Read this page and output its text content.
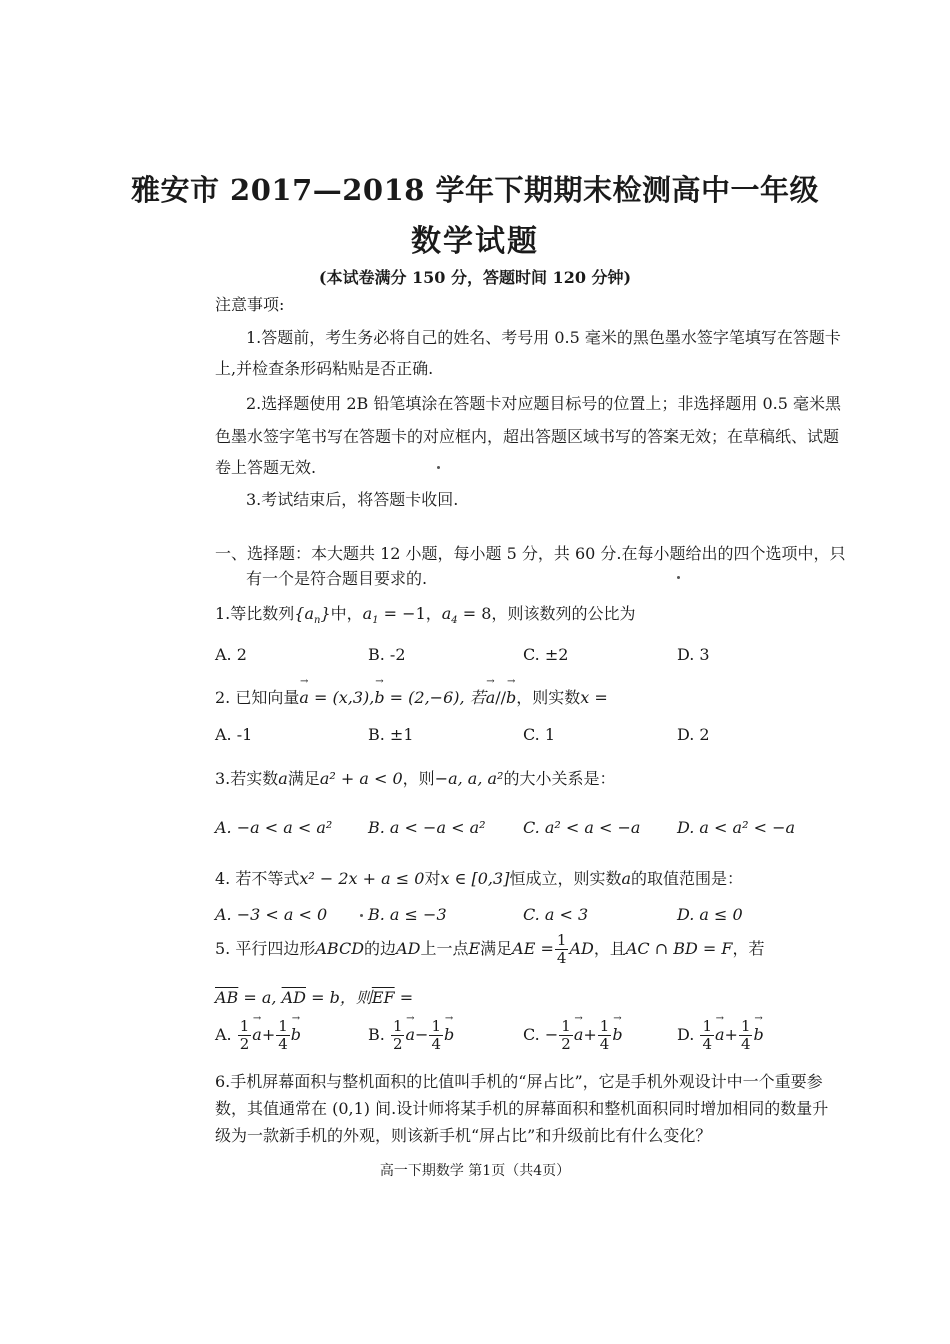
雅安市 2017—2018 学年下期期末检测高中一年级
数学试题
(本试卷满分 150 分，答题时间 120 分钟)
注意事项:
1.答题前，考生务必将自己的姓名、考号用 0.5 毫米的黑色墨水签字笔填写在答题卡
上,并检查条形码粘贴是否正确.
2.选择题使用 2B 铅笔填涂在答题卡对应题目标号的位置上；非选择题用 0.5 毫米黑
色墨水签字笔书写在答题卡的对应框内，超出答题区域书写的答案无效；在草稿纸、试题
卷上答题无效.
3.考试结束后，将答题卡收回.
一、选择题：本大题共 12 小题，每小题 5 分，共 60 分.在每小题给出的四个选项中，只
有一个是符合题目要求的.
1.等比数列$\{a_n\}$中，$a_1 = -1$，$a_4 = 8$，则该数列的公比为
A. 2	B. -2	C. ±2	D. 3
2. 已知向量→ a = (x,3),→ b = (2,−6), 若→ a//→ b，则实数x =
A. -1	B. ±1	C. 1	D. 2
3.若实数a满足a² + a < 0，则−a, a, a²的大小关系是：
A. −a < a < a² B. a < −a < a² C. a² < a < −a D. a < a² < −a
4. 若不等式x² − 2x + a ≤ 0对x ∈ [0,3]恒成立，则实数a的取值范围是：
A. −3 < a < 0	B. a ≤ −3	C. a < 3	D. a ≤ 0
5. 平行四边形ABCD的边AD上一点E满足AE = $\frac{1}{4}$ AD，且AC ∩ BD = F，若
$\overline{AB} = a$, $\overline{AD} = b$，则$\overline{EF}$ =
A. $\frac{1}{2} \to a+ \frac{1}{4} \to b$	B. $\frac{1}{2} \to a- \frac{1}{4} \to b$	C. − $\frac{1}{2} \to a+ \frac{1}{4} \to b$	D. $\frac{1}{4} \to a+ \frac{1}{4} \to b$
6.手机屏幕面积与整机面积的比值叫手机的“屏占比”，它是手机外观设计中一个重要参
数，其值通常在 (0,1) 间.设计师将某手机的屏幕面积和整机面积同时增加相同的数量升
级为一款新手机的外观，则该新手机“屏占比”和升级前比有什么变化？
高一下期数学 第1页（共4页）
